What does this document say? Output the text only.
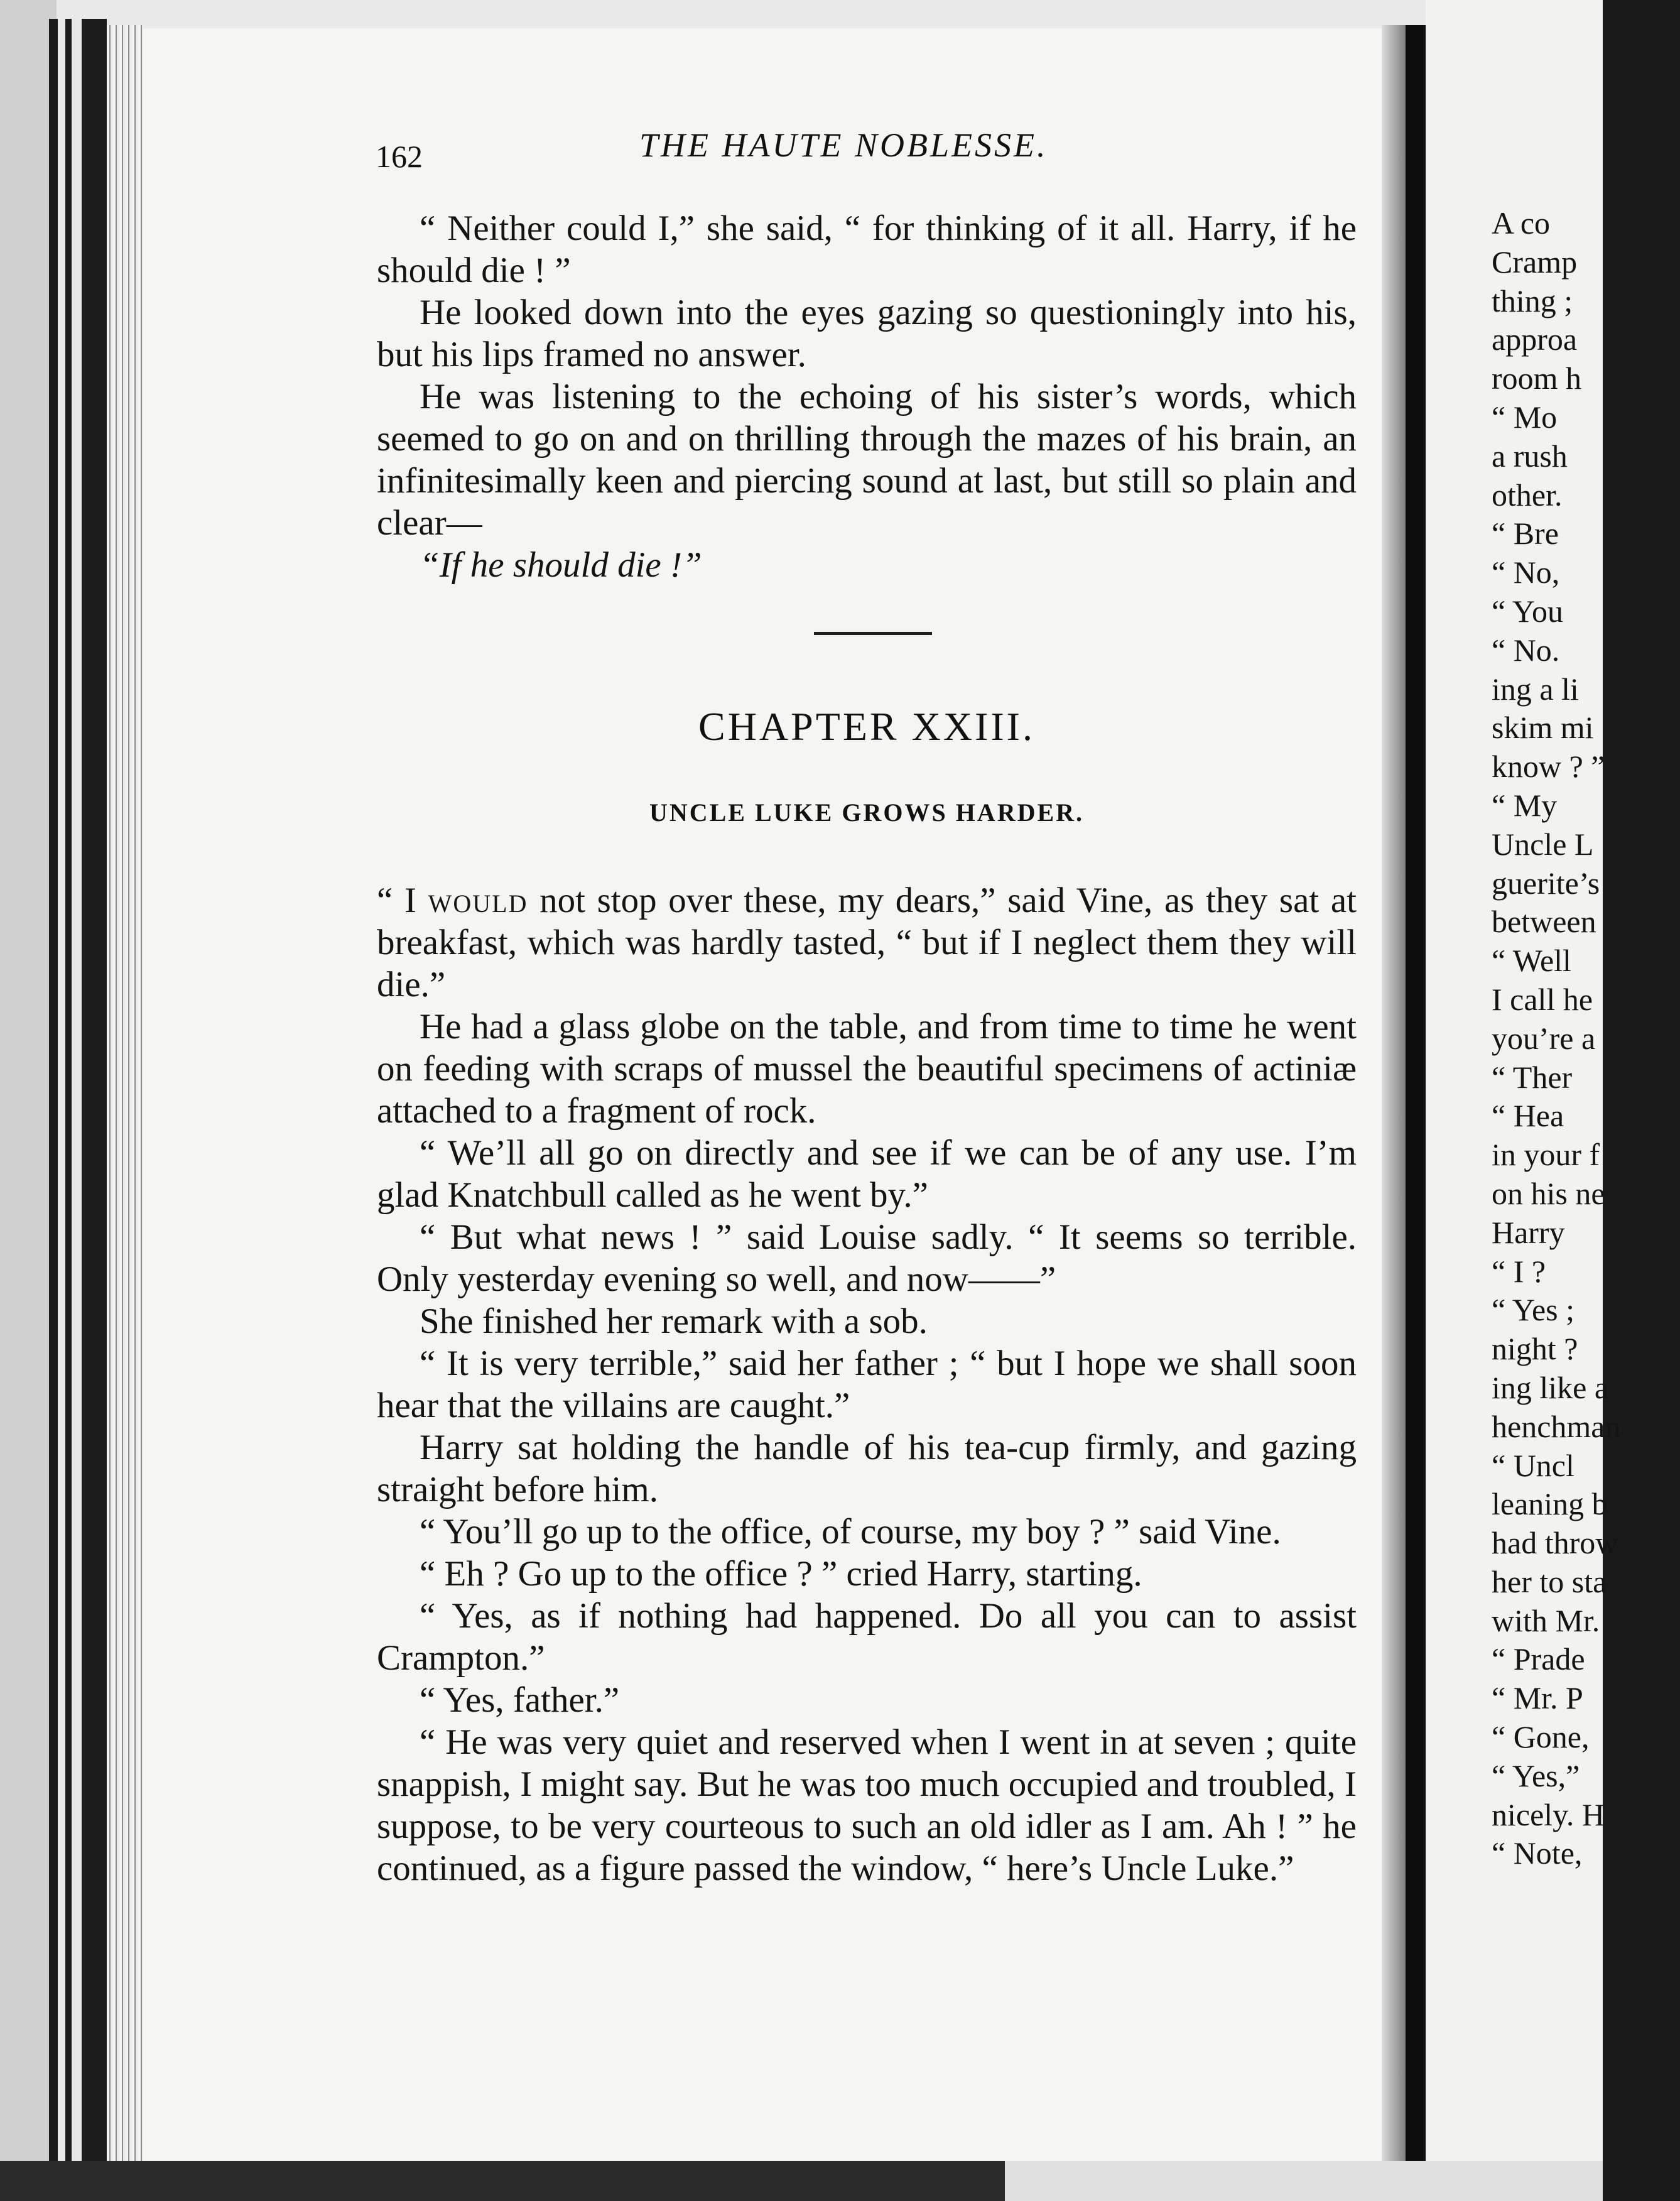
A co
Cramp
thing ;
approa
room h
“ Mo
a rush
other.
“ Bre
“ No,
“ You
“ No.
ing a li
skim mi
know ? ”
“ My
Uncle L
guerite’s
between
“ Well
I call he
you’re a
“ Ther
“ Hea
in your f
on his ne
Harry
“ I ?
“ Yes ;
night ?
ing like a
henchman
“ Uncl
leaning b
had throw
her to sta
with Mr.
“ Prade
“ Mr. P
“ Gone,
“ Yes,”
nicely. H
“ Note,
162	THE HAUTE NOBLESSE.

“ Neither could I,” she said, “ for thinking of it all. Harry, if he should die ! ”

He looked down into the eyes gazing so questioningly into his, but his lips framed no answer.

He was listening to the echoing of his sister’s words, which seemed to go on and on thrilling through the mazes of his brain, an infinitesimally keen and piercing sound at last, but still so plain and clear—

“If he should die !”

CHAPTER XXIII.
UNCLE LUKE GROWS HARDER.

“ I would not stop over these, my dears,” said Vine, as they sat at breakfast, which was hardly tasted, “ but if I neglect them they will die.”

He had a glass globe on the table, and from time to time he went on feeding with scraps of mussel the beautiful specimens of actiniæ attached to a fragment of rock.

“ We’ll all go on directly and see if we can be of any use. I’m glad Knatchbull called as he went by.”

“ But what news ! ” said Louise sadly. “ It seems so terrible. Only yesterday evening so well, and now——”

She finished her remark with a sob.

“ It is very terrible,” said her father ; “ but I hope we shall soon hear that the villains are caught.”

Harry sat holding the handle of his tea-cup firmly, and gazing straight before him.

“ You’ll go up to the office, of course, my boy ? ” said Vine.

“ Eh ? Go up to the office ? ” cried Harry, starting.

“ Yes, as if nothing had happened. Do all you can to assist Crampton.”

“ Yes, father.”

“ He was very quiet and reserved when I went in at seven ; quite snappish, I might say. But he was too much occupied and troubled, I suppose, to be very courteous to such an old idler as I am. Ah ! ” he continued, as a figure passed the window, “ here’s Uncle Luke.”
